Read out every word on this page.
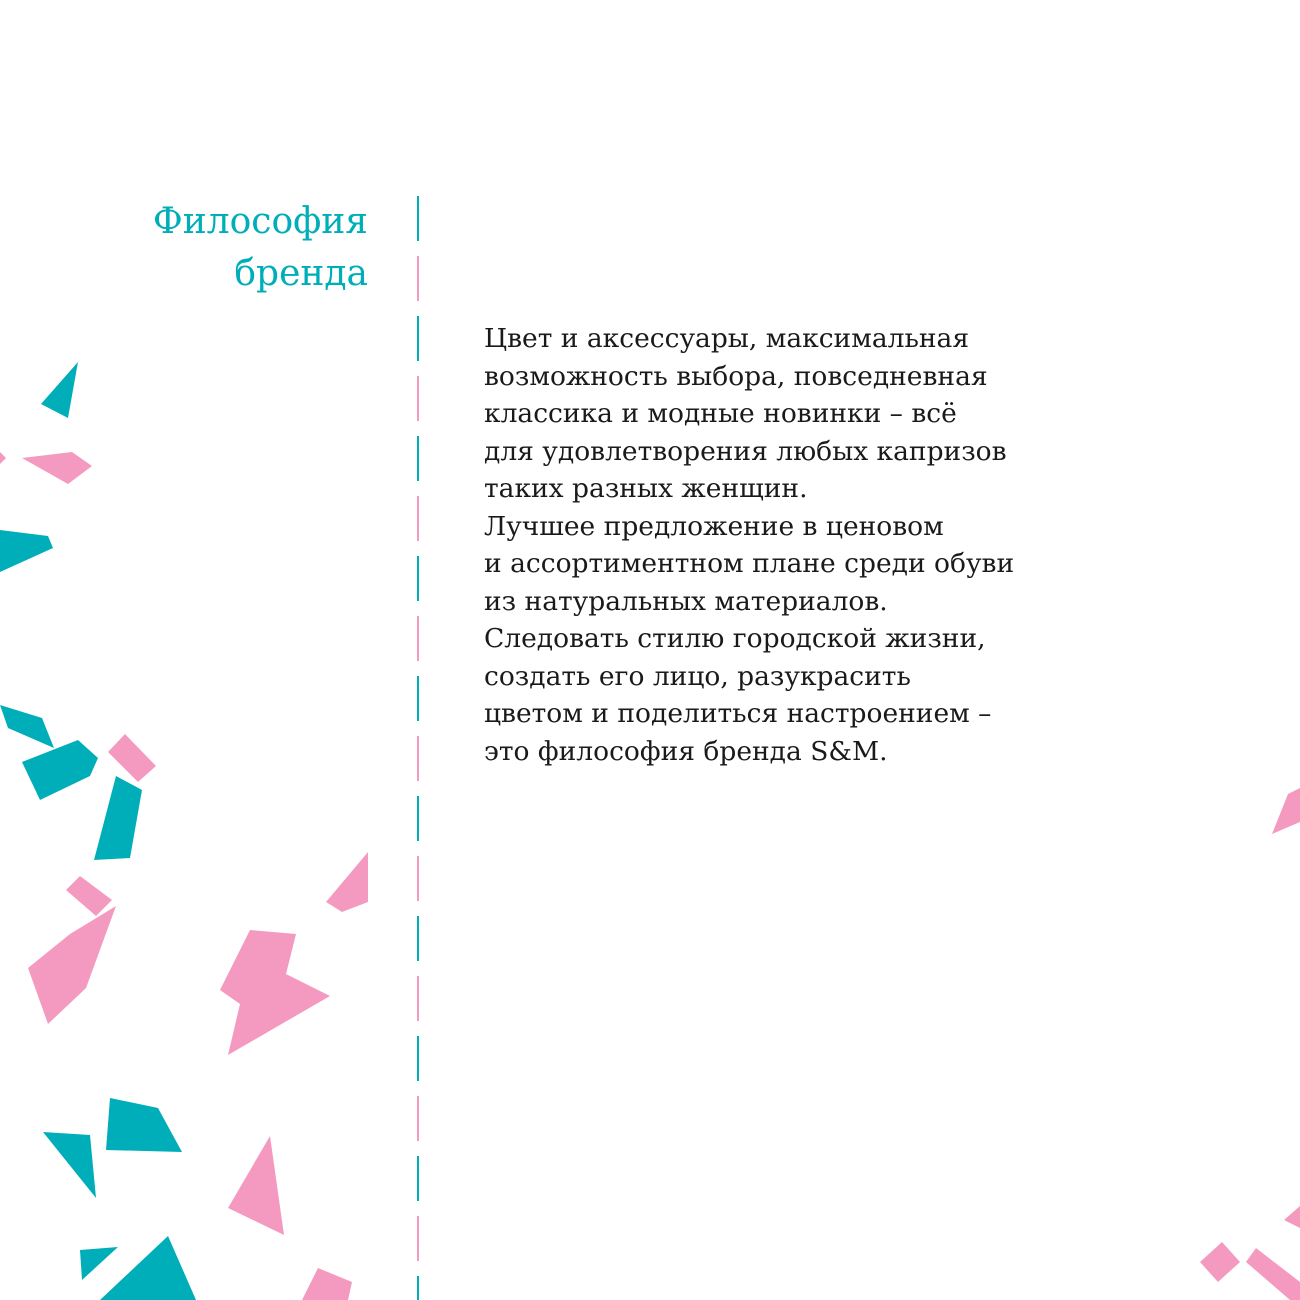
Философия
бренда
Цвет и аксессуары, максимальная
возможность выбора, повседневная
классика и модные новинки – всё
для удовлетворения любых капризов
таких разных женщин.
Лучшее предложение в ценовом
и ассортиментном плане среди обуви
из натуральных материалов.
Следовать стилю городской жизни,
создать его лицо, разукрасить
цветом и поделиться настроением –
это философия бренда S&M.
